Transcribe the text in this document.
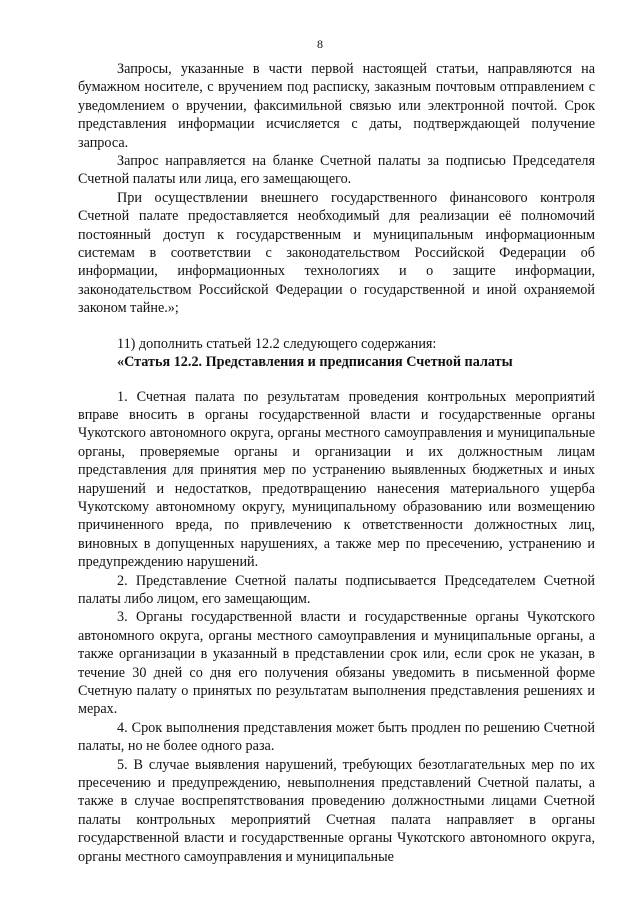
8

Запросы, указанные в части первой настоящей статьи, направляются на бумажном носителе, с вручением под расписку, заказным почтовым отправлением с уведомлением о вручении, факсимильной связью или электронной почтой. Срок представления информации исчисляется с даты, подтверждающей получение запроса.

Запрос направляется на бланке Счетной палаты за подписью Председателя Счетной палаты или лица, его замещающего.

При осуществлении внешнего государственного финансового контроля Счетной палате предоставляется необходимый для реализации её полномочий постоянный доступ к государственным и муниципальным информационным системам в соответствии с законодательством Российской Федерации об информации, информационных технологиях и о защите информации, законодательством Российской Федерации о государственной и иной охраняемой законом тайне.»;

11) дополнить статьей 12.2 следующего содержания:

«Статья 12.2. Представления и предписания Счетной палаты

1. Счетная палата по результатам проведения контрольных мероприятий вправе вносить в органы государственной власти и государственные органы Чукотского автономного округа, органы местного самоуправления и муниципальные органы, проверяемые органы и организации и их должностным лицам представления для принятия мер по устранению выявленных бюджетных и иных нарушений и недостатков, предотвращению нанесения материального ущерба Чукотскому автономному округу, муниципальному образованию или возмещению причиненного вреда, по привлечению к ответственности должностных лиц, виновных в допущенных нарушениях, а также мер по пресечению, устранению и предупреждению нарушений.

2. Представление Счетной палаты подписывается Председателем Счетной палаты либо лицом, его замещающим.

3. Органы государственной власти и государственные органы Чукотского автономного округа, органы местного самоуправления и муниципальные органы, а также организации в указанный в представлении срок или, если срок не указан, в течение 30 дней со дня его получения обязаны уведомить в письменной форме Счетную палату о принятых по результатам выполнения представления решениях и мерах.

4. Срок выполнения представления может быть продлен по решению Счетной палаты, но не более одного раза.

5. В случае выявления нарушений, требующих безотлагательных мер по их пресечению и предупреждению, невыполнения представлений Счетной палаты, а также в случае воспрепятствования проведению должностными лицами Счетной палаты контрольных мероприятий Счетная палата направляет в органы государственной власти и государственные органы Чукотского автономного округа, органы местного самоуправления и муниципальные
